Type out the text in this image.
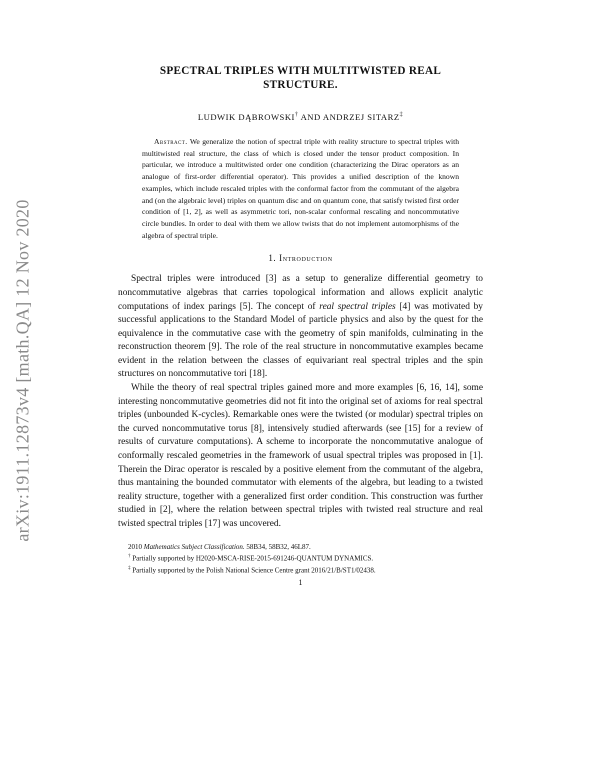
arXiv:1911.12873v4 [math.QA] 12 Nov 2020
SPECTRAL TRIPLES WITH MULTITWISTED REAL
STRUCTURE.
LUDWIK DĄBROWSKI† AND ANDRZEJ SITARZ‡

Abstract. We generalize the notion of spectral triple with reality structure to spectral triples with multitwisted real structure, the class of which is closed under the tensor product composition. In particular, we introduce a multitwisted order one condition (characterizing the Dirac operators as an analogue of first-order differential operator). This provides a unified description of the known examples, which include rescaled triples with the conformal factor from the commutant of the algebra and (on the algebraic level) triples on quantum disc and on quantum cone, that satisfy twisted first order condition of [1, 2], as well as asymmetric tori, non-scalar conformal rescaling and noncommutative circle bundles. In order to deal with them we allow twists that do not implement automorphisms of the algebra of spectral triple.

1. Introduction

Spectral triples were introduced [3] as a setup to generalize differential geometry to noncommutative algebras that carries topological information and allows explicit analytic computations of index parings [5]. The concept of real spectral triples [4] was motivated by successful applications to the Standard Model of particle physics and also by the quest for the equivalence in the commutative case with the geometry of spin manifolds, culminating in the reconstruction theorem [9]. The role of the real structure in noncommutative examples became evident in the relation between the classes of equivariant real spectral triples and the spin structures on noncommutative tori [18].

While the theory of real spectral triples gained more and more examples [6, 16, 14], some interesting noncommutative geometries did not fit into the original set of axioms for real spectral triples (unbounded K-cycles). Remarkable ones were the twisted (or modular) spectral triples on the curved noncommutative torus [8], intensively studied afterwards (see [15] for a review of results of curvature computations). A scheme to incorporate the noncommutative analogue of conformally rescaled geometries in the framework of usual spectral triples was proposed in [1]. Therein the Dirac operator is rescaled by a positive element from the commutant of the algebra, thus mantaining the bounded commutator with elements of the algebra, but leading to a twisted reality structure, together with a generalized first order condition. This construction was further studied in [2], where the relation between spectral triples with twisted real structure and real twisted spectral triples [17] was uncovered.

2010 Mathematics Subject Classification. 58B34, 58B32, 46L87.

† Partially supported by H2020-MSCA-RISE-2015-691246-QUANTUM DYNAMICS.

‡ Partially supported by the Polish National Science Centre grant 2016/21/B/ST1/02438.

1
